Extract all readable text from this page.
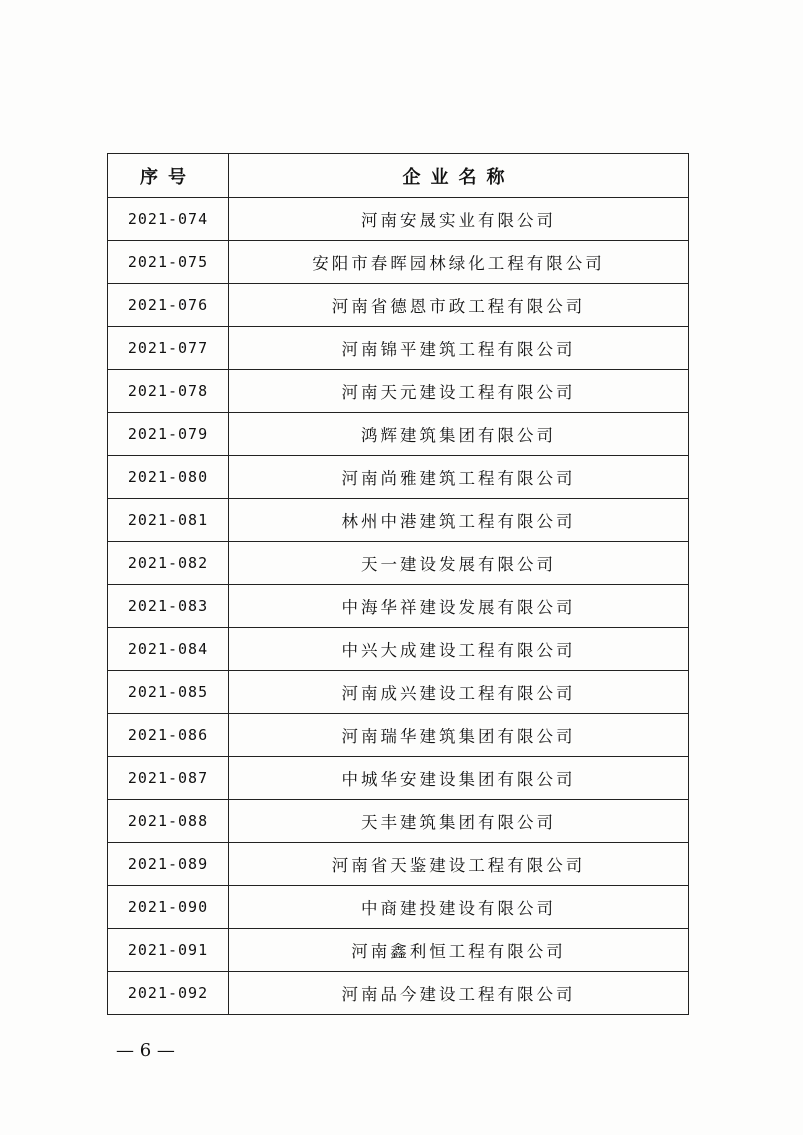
序号	企业名称
2021-074	河南安晟实业有限公司
2021-075	安阳市春晖园林绿化工程有限公司
2021-076	河南省德恩市政工程有限公司
2021-077	河南锦平建筑工程有限公司
2021-078	河南天元建设工程有限公司
2021-079	鸿辉建筑集团有限公司
2021-080	河南尚雅建筑工程有限公司
2021-081	林州中港建筑工程有限公司
2021-082	天一建设发展有限公司
2021-083	中海华祥建设发展有限公司
2021-084	中兴大成建设工程有限公司
2021-085	河南成兴建设工程有限公司
2021-086	河南瑞华建筑集团有限公司
2021-087	中城华安建设集团有限公司
2021-088	天丰建筑集团有限公司
2021-089	河南省天鉴建设工程有限公司
2021-090	中商建投建设有限公司
2021-091	河南鑫利恒工程有限公司
2021-092	河南品今建设工程有限公司
— 6 —
